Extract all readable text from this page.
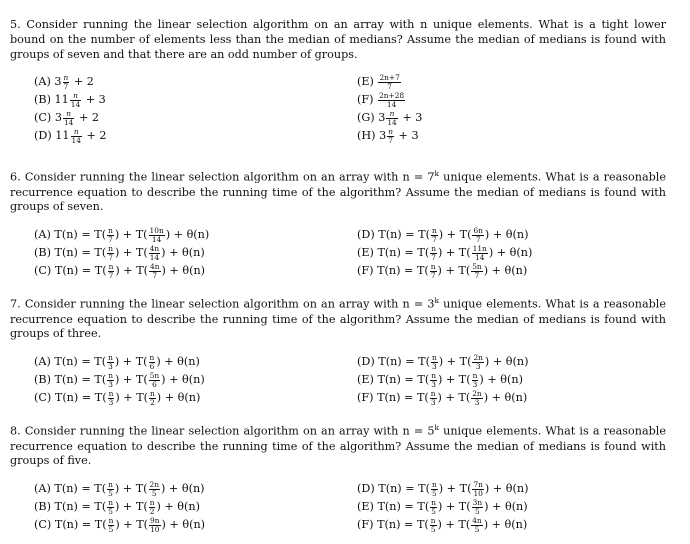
5. Consider running the linear selection algorithm on an array with n unique elements. What is a tight lower bound on the number of elements less than the median of medians? Assume the median of medians is found with groups of seven and that there are an odd number of groups.
(A) $3 \frac{n}{7} + 2$
(B) $11 \frac{n}{14} + 3$
(C) $3 \frac{n}{14} + 2$
(D) $11 \frac{n}{14} + 2$
$(E) \frac{2n+7}{7}$
$(F) \frac{2n+28}{14}$
(G) $3 \frac{n}{14} + 3$
(H) $3 \frac{n}{7} + 3$
6. Consider running the linear selection algorithm on an array with $n = 7^k$ unique elements. What is a reasonable recurrence equation to describe the running time of the algorithm? Assume the median of medians is found with groups of seven.
(A) $T(n) = T( \frac{n}{7}$ ) + $T( \frac{10n}{14}$ ) + θ(n)
(B) $T(n) = T( \frac{n}{7}$ ) + $T( \frac{4n}{14}$ ) + θ(n)
(C) $T(n) = T( \frac{n}{7}$ ) + $T( \frac{4n}{7}$ ) + θ(n)
(D) $T(n) = T( \frac{n}{7}$ ) + $T( \frac{6n}{7}$ ) + θ(n)
(E) $T(n) = T( \frac{n}{7}$ ) + $T( \frac{11n}{14}$ ) + θ(n)
(F) $T(n) = T( \frac{n}{7}$ ) + $T( \frac{5n}{7}$ ) + θ(n)
7. Consider running the linear selection algorithm on an array with $n = 3^k$ unique elements. What is a reasonable recurrence equation to describe the running time of the algorithm? Assume the median of medians is found with groups of three.
(A) $T(n) = T( \frac{n}{3}$ ) + $T( \frac{n}{6}$ ) + θ(n)
(B) $T(n) = T( \frac{n}{3}$ ) + $T( \frac{5n}{6}$ ) + θ(n)
(C) $T(n) = T( \frac{n}{3}$ ) + $T( \frac{n}{2}$ ) + θ(n)
(D) $T(n) = T( \frac{n}{3}$ ) + $T( \frac{2n}{3}$ ) + θ(n)
(E) $T(n) = T( \frac{n}{3}$ ) + $T( \frac{n}{3}$ ) + θ(n)
(F) $T(n) = T( \frac{n}{3}$ ) + $T( \frac{2n}{3}$ ) + θ(n)
8. Consider running the linear selection algorithm on an array with $n = 5^k$ unique elements. What is a reasonable recurrence equation to describe the running time of the algorithm? Assume the median of medians is found with groups of five.
(A) $T(n) = T( \frac{n}{5}$ ) + $T( \frac{2n}{5}$ ) + θ(n)
(B) $T(n) = T( \frac{n}{5}$ ) + $T( \frac{n}{2}$ ) + θ(n)
(C) $T(n) = T( \frac{n}{5}$ ) + $T( \frac{9n}{10}$ ) + θ(n)
(D) $T(n) = T( \frac{n}{5}$ ) + $T( \frac{7n}{10}$ ) + θ(n)
(E) $T(n) = T( \frac{n}{5}$ ) + $T( \frac{3n}{5}$ ) + θ(n)
(F) $T(n) = T( \frac{n}{5}$ ) + $T( \frac{4n}{5}$ ) + θ(n)
